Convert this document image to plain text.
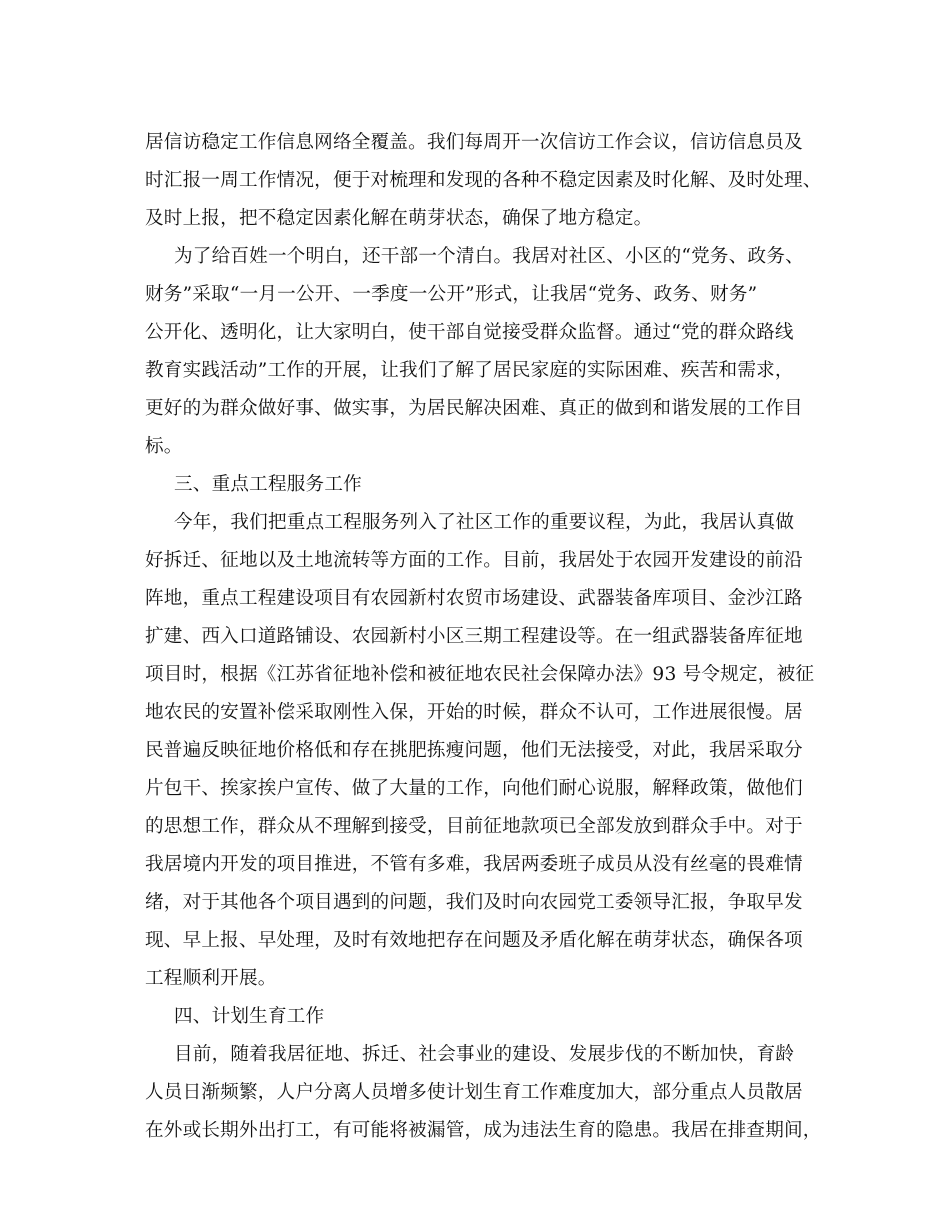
居信访稳定工作信息网络全覆盖。我们每周开一次信访工作会议，信访信息员及
时汇报一周工作情况，便于对梳理和发现的各种不稳定因素及时化解、及时处理、
及时上报，把不稳定因素化解在萌芽状态，确保了地方稳定。
为了给百姓一个明白，还干部一个清白。我居对社区、小区的“党务、政务、
财务”采取“一月一公开、一季度一公开”形式，让我居“党务、政务、财务”
公开化、透明化，让大家明白，使干部自觉接受群众监督。通过“党的群众路线
教育实践活动”工作的开展，让我们了解了居民家庭的实际困难、疾苦和需求，
更好的为群众做好事、做实事，为居民解决困难、真正的做到和谐发展的工作目
标。
三、重点工程服务工作
今年，我们把重点工程服务列入了社区工作的重要议程，为此，我居认真做
好拆迁、征地以及土地流转等方面的工作。目前，我居处于农园开发建设的前沿
阵地，重点工程建设项目有农园新村农贸市场建设、武器装备库项目、金沙江路
扩建、西入口道路铺设、农园新村小区三期工程建设等。在一组武器装备库征地
项目时，根据《江苏省征地补偿和被征地农民社会保障办法》93 号令规定，被征
地农民的安置补偿采取刚性入保，开始的时候，群众不认可，工作进展很慢。居
民普遍反映征地价格低和存在挑肥拣瘦问题，他们无法接受，对此，我居采取分
片包干、挨家挨户宣传、做了大量的工作，向他们耐心说服，解释政策，做他们
的思想工作，群众从不理解到接受，目前征地款项已全部发放到群众手中。对于
我居境内开发的项目推进，不管有多难，我居两委班子成员从没有丝毫的畏难情
绪，对于其他各个项目遇到的问题，我们及时向农园党工委领导汇报，争取早发
现、早上报、早处理，及时有效地把存在问题及矛盾化解在萌芽状态，确保各项
工程顺利开展。
四、计划生育工作
目前，随着我居征地、拆迁、社会事业的建设、发展步伐的不断加快，育龄
人员日渐频繁，人户分离人员增多使计划生育工作难度加大，部分重点人员散居
在外或长期外出打工，有可能将被漏管，成为违法生育的隐患。我居在排查期间，
